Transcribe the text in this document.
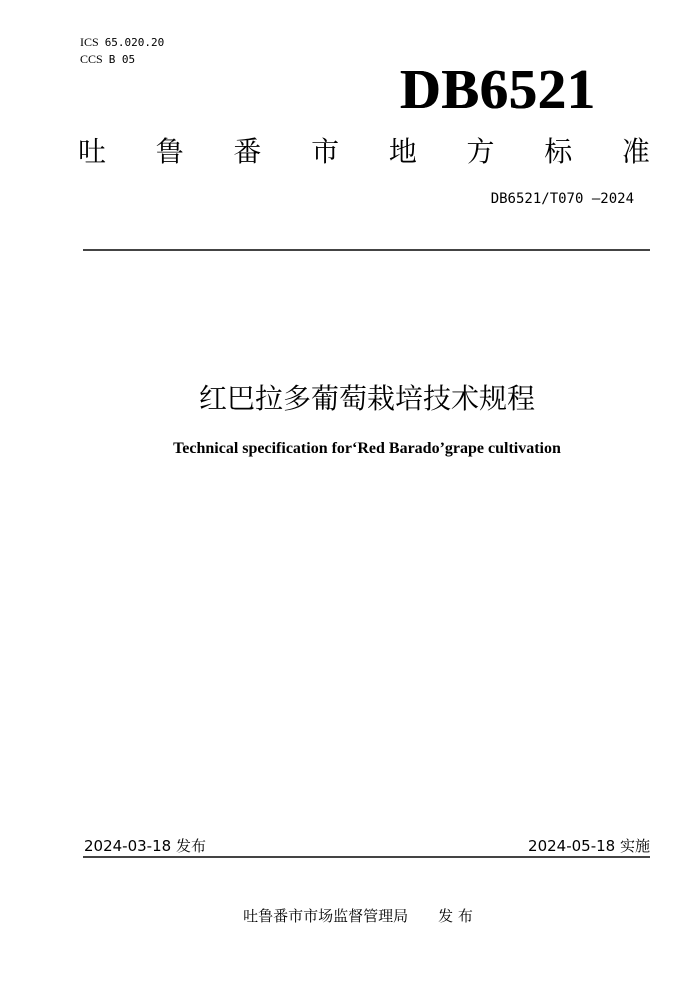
ICS 65.020.20
CCS B 05	DB6521
吐 鲁 番 市 地 方 标 准
DB6521/T070 —2024
红巴拉多葡萄栽培技术规程
Technical specification for‘Red Barado’grape cultivation
2024-03-18 发布	2024-05-18 实施
吐鲁番市市场监督管理局 发 布
